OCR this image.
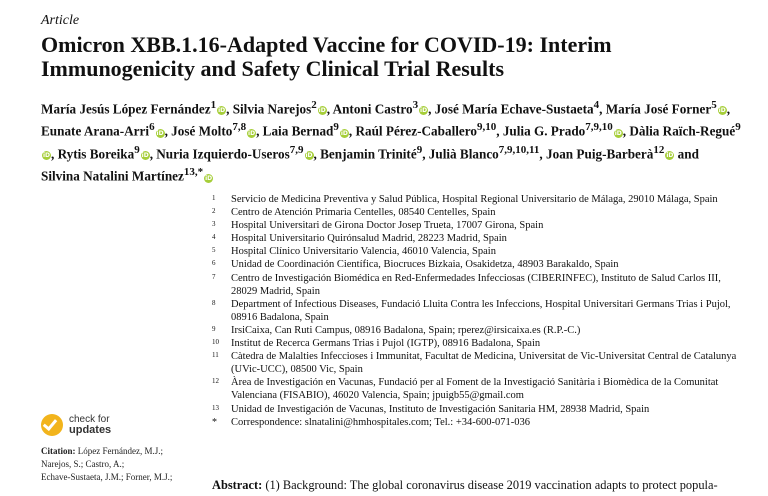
Article
Omicron XBB.1.16-Adapted Vaccine for COVID-19: Interim Immunogenicity and Safety Clinical Trial Results
María Jesús López Fernández$^1$ iD, Silvia Narejos$^2$ iD, Antoni Castro$^3$ iD, José María Echave-Sustaeta$^4$, María José Forner$^5$ iD, Eunate Arana-Arri$^6$ iD, José Molto$^{7,8}$ iD, Laia Bernad$^9$ iD, Raúl Pérez-Caballero$^{9,10}$, Julia G. Prado$^{7,9,10}$ iD, Dàlia Raïch-Regué$^9$iD, Rytis Boreika$^9$ iD, Nuria Izquierdo-Useros$^{7,9}$ iD, Benjamin Trinité$^9$, Julià Blanco$^{7,9,10,11}$, Joan Puig-Barberà$^{12}$ iD and Silvina Natalini Martínez$^{13,*}$ iD
1 Servicio de Medicina Preventiva y Salud Pública, Hospital Regional Universitario de Málaga, 29010 Málaga, Spain
2 Centro de Atención Primaria Centelles, 08540 Centelles, Spain
3 Hospital Universitari de Girona Doctor Josep Trueta, 17007 Girona, Spain
4 Hospital Universitario Quirónsalud Madrid, 28223 Madrid, Spain
5 Hospital Clínico Universitario Valencia, 46010 Valencia, Spain
6 Unidad de Coordinación Científica, Biocruces Bizkaia, Osakidetza, 48903 Barakaldo, Spain
7 Centro de Investigación Biomédica en Red-Enfermedades Infecciosas (CIBERINFEC), Instituto de Salud Carlos III, 28029 Madrid, Spain
8 Department of Infectious Diseases, Fundació Lluita Contra les Infeccions, Hospital Universitari Germans Trias i Pujol, 08916 Badalona, Spain
9 IrsiCaixa, Can Ruti Campus, 08916 Badalona, Spain; rperez@irsicaixa.es (R.P.-C.)
10 Institut de Recerca Germans Trias i Pujol (IGTP), 08916 Badalona, Spain
11 Càtedra de Malalties Infeccioses i Immunitat, Facultat de Medicina, Universitat de Vic-Universitat Central de Catalunya (UVic-UCC), 08500 Vic, Spain
12 Àrea de Investigación en Vacunas, Fundació per al Foment de la Investigació Sanitària i Biomèdica de la Comunitat Valenciana (FISABIO), 46020 Valencia, Spain; jpuigb55@gmail.com
13 Unidad de Investigación de Vacunas, Instituto de Investigación Sanitaria HM, 28938 Madrid, Spain
* Correspondence: slnatalini@hmhospitales.com; Tel.: +34-600-071-036
check for
updates
Citation: López Fernández, M.J.;
Narejos, S.; Castro, A.;
Echave-Sustaeta, J.M.; Forner, M.J.;
Abstract: (1) Background: The global coronavirus disease 2019 vaccination adapts to protect popula-
